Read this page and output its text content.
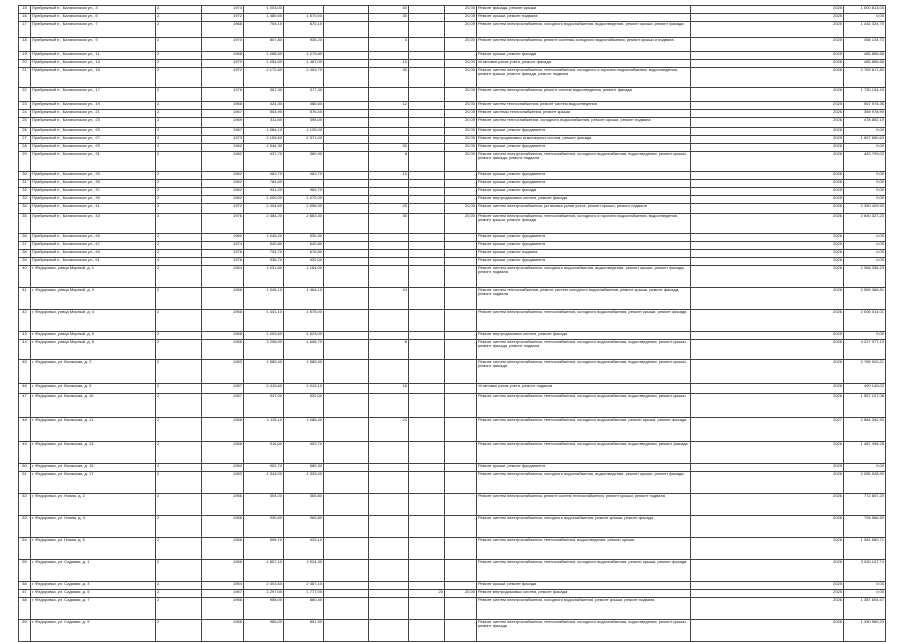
15	Прибрежный п., Балахонская ул., 3	2	1974	1 003,00			40		20,00	Ремонт фасада, ремонт крыши	2026	1 500 813,00
16	Прибрежный п., Балахонская ул., 5	2	1972	1 485,60	1 570,00		30		20,00	Ремонт крыши, ремонт подвала	2025	0,00
17	Прибрежный п., Балахонская ул., 7	2	1968	754,10	870,10				20,00	Ремонт систем электроснабжения, холодного водоснабжения, водоотведения, ремонт крыши, ремонт фасада	2025	1 432 324,75
18	Прибрежный п., Балахонская ул., 9	2	1970	807,80	935,20		4		20,00	Ремонт систем электроснабжения, ремонт системы холодного водоснабжения, ремонт крыши и подвала	2025	456 134,73
19	Прибрежный п., Балахонская ул., 11	2	1968	1 088,60	1 275,80					Ремонт крыши, ремонт фасада	2025	465 856,66
20	Прибрежный п., Балахонская ул., 13	2	1970	1 054,60	1 487,00		10		20,00	Установка узлов учета, ремонт фасада	2026	465 856,66
21	Прибрежный п., Балахонская ул., 15	2	1972	2 172,60	2 463,70		30		20,00	Ремонт систем электроснабжения, теплоснабжения, холодного и горячего водоснабжения, водоотведения, ремонт крыши, ремонт фасада, ремонт подвала	2026	2 763 617,80
22	Прибрежный п., Балахонская ул., 17	2	1976	367,30	377,30				20,00	Ремонт систем электроснабжения, ремонт систем водоотведения, ремонт фасада	2026	1 730 134,43
23	Прибрежный п., Балахонская ул., 19	2	1968	424,30	486,60		12		20,00	Ремонт систем теплоснабжения, ремонт систем водоотведения	2025	557 975,36
24	Прибрежный п., Балахонская ул., 21	2	1967	553,90	576,40				20,00	Ремонт системы теплоснабжения, ремонт крыши	2026	359 978,90
25	Прибрежный п., Балахонская ул., 23	2	1969	311,60	398,00				20,00	Ремонт систем теплоснабжения, холодного водоснабжения, ремонт крыши, ремонт подвала	2026	478 852,19
26	Прибрежный п., Балахонская ул., 25	2	1967	1 084,10	1 125,00				20,00	Ремонт крыши, ремонт фундамента	2026	0,00
27	Прибрежный п., Балахонская ул., 27	2	1973	2 106,60	2 371,00				20,00	Ремонт внутридомовых инженерных систем, ремонт фасада	2025	1 697 650,63
28	Прибрежный п., Балахонская ул., 29	2	1962	2 544,30			30		20,00	Ремонт крыши, ремонт фундамента	2026	0,00
29	Прибрежный п., Балахонская ул., 31	2	1962	437,70	380,90		8		20,00	Ремонт систем электроснабжения, теплоснабжения, холодного водоснабжения, водоотведения, ремонт крыши, ремонт фасада, ремонт подвала	2026	443 799,03
30	Прибрежный п., Балахонская ул., 33	2	1962	463,70	463,70		10			Ремонт крыши, ремонт фундамента	2026	0,00
31	Прибрежный п., Балахонская ул., 35	2	1962	784,60						Ремонт крыши, ремонт фундамента	2026	0,00
32	Прибрежный п., Балахонская ул., 37	2	1962	941,20	969,70					Ремонт крыши, ремонт фасада	2025	0,00
33	Прибрежный п., Балахонская ул., 39	2	1962	1 000,00	1 072,00					Ремонт внутридомовых систем, ремонт фасада	2025	0,00
34	Прибрежный п., Балахонская ул., 41	3	1972	2 404,60	2 658,90		20		20,00	Ремонт систем электроснабжения, установка узлов учета, ремонт крыши, ремонт подвала	2026	2 350 429,90
35	Прибрежный п., Балахонская ул., 43	3	1976	2 484,20	2 663,30		30		20,00	Ремонт систем электроснабжения, теплоснабжения, холодного и горячего водоснабжения, водоотведения, ремонт крыши, ремонт фасада	2026	2 640 327,23
36	Прибрежный п., Балахонская ул., 45	2	1960	1 045,20	530,30					Ремонт крыши, ремонт фундамента	2026	0,00
37	Прибрежный п., Балахонская ул., 47	2	1974	540,80	640,80					Ремонт крыши, ремонт фундамента	2025	0,00
38	Прибрежный п., Балахонская ул., 49	2	1976	704,70	676,80					Ремонт крыши, ремонт подвала	2026	0,00
39	Прибрежный п., Балахонская ул., 51	4	1976	938,70	432,00					Ремонт крыши, ремонт фундамента	2026	0,00
40	г. Федоровка, улица Мирный, д. 1	2	1954	1 031,60	1 164,00					Ремонт систем электроснабжения, холодного водоснабжения, водоотведения, ремонт крыши, ремонт фасада, ремонт подвала	2026	2 368 336,23
41	г. Федоровка, улица Мирный, д. 3	2	1956	1 045,10	1 464,10		24			Ремонт систем теплоснабжения, ремонт систем холодного водоснабжения, ремонт крыши, ремонт фасада, ремонт подвала	2026	2 559 368,81
42	г. Федоровка, улица Мирный, д. 4	2	1958	1 441,10	1 575,00					Ремонт систем электроснабжения, теплоснабжения, холодного водоснабжения, ремонт крыши, ремонт фасада	2026	2 006 014,01
43	г. Федоровка, улица Мирный, д. 5	2	1958	1 003,60	1 523,00					Ремонт внутридомовых систем, ремонт фасада	2025	0,00
44	г. Федоровка, улица Мирный, д. 6	2	1956	3 298,50	1 658,70		8			Ремонт систем электроснабжения, теплоснабжения, холодного водоснабжения, водоотведения, ремонт крыши, ремонт фасада, ремонт подвала	2026	4 227 077,10
45	г. Федоровка, ул. Волжская, д. 2	2	1953	1 585,40	1 585,90					Ремонт систем электроснабжения, теплоснабжения, холодного водоснабжения, водоотведения, ремонт крыши, ремонт фасада	2026	2 789 920,21
46	г. Федоровка, ул. Волжская, д. 5	2	1957	2 415,60	2 043,10		16			Установка узлов учета, ремонт подвала	2026	490 140,03
47	г. Федоровка, ул. Волжская, д. 10	2	1957	947,00	532,00					Ремонт систем электроснабжения, теплоснабжения, холодного водоснабжения, водоотведения, ремонт крыши	2026	1 557 107,08
48	г. Федоровка, ул. Волжская, д. 11	2	1958	1 115,10	1 086,40		24			Ремонт систем электроснабжения, теплоснабжения, холодного водоснабжения, ремонт крыши, ремонт фасада	2027	2 884 392,90
49	г. Федоровка, ул. Волжская, д. 13	2	1958	916,00	453,70					Ремонт систем электроснабжения, теплоснабжения, холодного водоснабжения, водоотведения, ремонт фасада	2026	1 487 496,28
50	г. Федоровка, ул. Волжская, д. 15	2	1950	952,70	585,30					Ремонт крыши, ремонт фундамента	2025	0,00
51	г. Федоровка, ул. Волжская, д. 17	2	1953	1 343,00	1 339,00					Ремонт систем электроснабжения, холодного водоснабжения, водоотведения, ремонт крыши, ремонт фасада	2026	2 055 928,90
52	г. Федоровка, ул. Новая, д. 2	2	1956	304,20	365,80					Ремонт систем электроснабжения, ремонт систем теплоснабжения, ремонт крыши, ремонт подвала	2026	772 607,20
53	г. Федоровка, ул. Новая, д. 4	2	1956	330,60	365,80					Ремонт систем электроснабжения, холодного водоснабжения, ремонт крыши, ремонт фасада	2026	794 586,50
54	г. Федоровка, ул. Новая, д. 6	2	1956	596,70	433,10					Ремонт систем электроснабжения, теплоснабжения, водоотведения, ремонт крыши	2026	1 081 589,71
55	г. Федоровка, ул. Садовая, д. 1	2	1956	1 857,10	2 924,30					Ремонт систем электроснабжения, теплоснабжения, холодного водоснабжения, ремонт крыши, ремонт фасада	2026	3 030 107,74
56	г. Федоровка, ул. Садовая, д. 3	2	1954	2 403,60	2 487,10					Ремонт крыши, ремонт фасада	2025	0,00
57	г. Федоровка, ул. Садовая, д. 5	2	1957	2 297,00	1 777,00			20	20,00	Ремонт внутридомовых систем, ремонт фасада	2025	0,00
58	г. Федоровка, ул. Садовая, д. 7	2	1956	958,00	880,40					Ремонт систем электроснабжения, холодного водоснабжения, ремонт крыши, ремонт подвала	2026	1 387 604,47
59	г. Федоровка, ул. Садовая, д. 9	2	1956	986,00	891,30					Ремонт систем электроснабжения, теплоснабжения, холодного водоснабжения, водоотведения, ремонт крыши, ремонт фасада	2026	1 330 580,23
